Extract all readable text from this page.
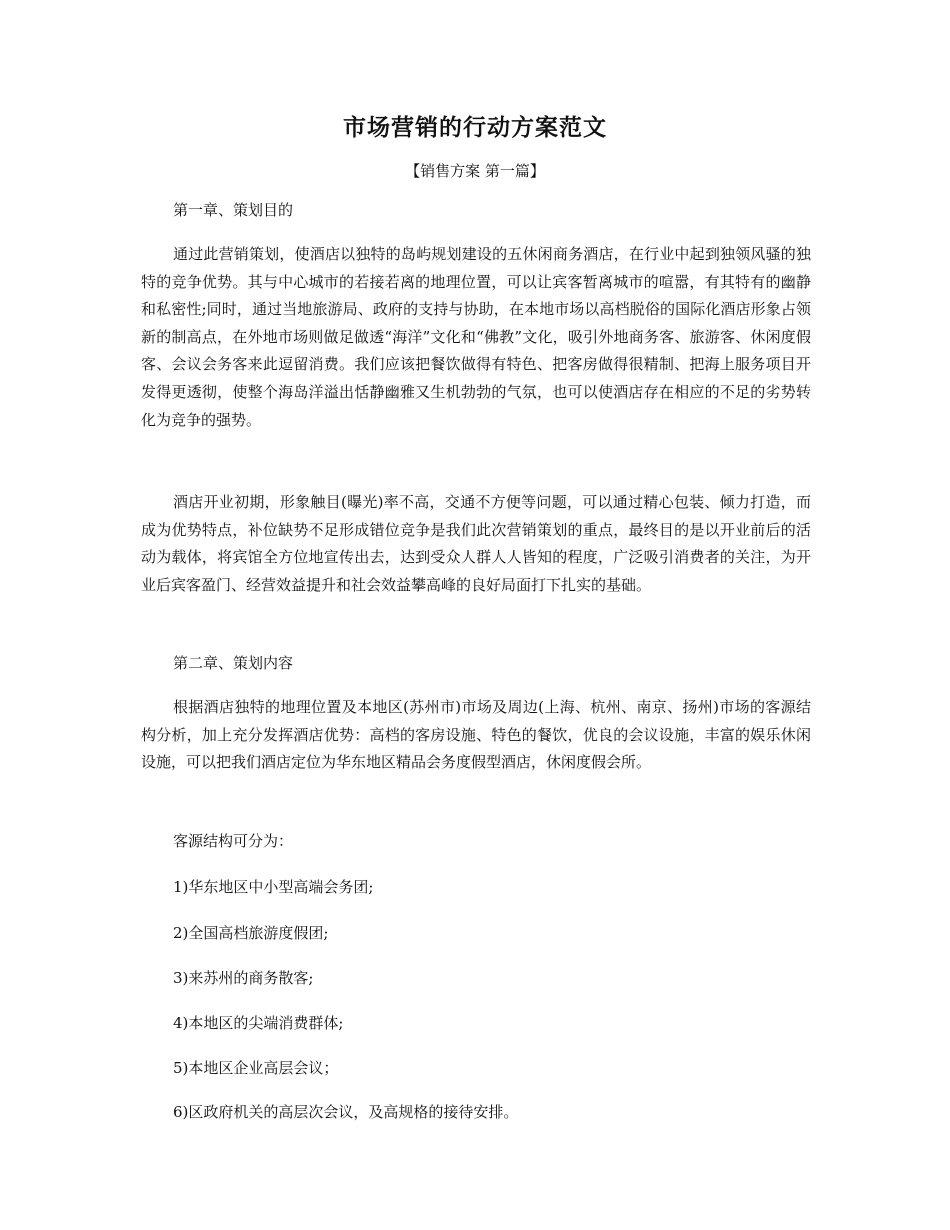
市场营销的行动方案范文
【销售方案 第一篇】
第一章、策划目的
通过此营销策划，使酒店以独特的岛屿规划建设的五休闲商务酒店，在行业中起到独领风骚的独特的竞争优势。其与中心城市的若接若离的地理位置，可以让宾客暂离城市的喧嚣，有其特有的幽静和私密性;同时，通过当地旅游局、政府的支持与协助，在本地市场以高档脱俗的国际化酒店形象占领新的制高点，在外地市场则做足做透“海洋”文化和“佛教”文化，吸引外地商务客、旅游客、休闲度假客、会议会务客来此逗留消费。我们应该把餐饮做得有特色、把客房做得很精制、把海上服务项目开发得更透彻，使整个海岛洋溢出恬静幽雅又生机勃勃的气氛，也可以使酒店存在相应的不足的劣势转化为竞争的强势。
酒店开业初期，形象触目(曝光)率不高，交通不方便等问题，可以通过精心包装、倾力打造，而成为优势特点，补位缺势不足形成错位竞争是我们此次营销策划的重点，最终目的是以开业前后的活动为载体，将宾馆全方位地宣传出去，达到受众人群人人皆知的程度，广泛吸引消费者的关注，为开业后宾客盈门、经营效益提升和社会效益攀高峰的良好局面打下扎实的基础。
第二章、策划内容
根据酒店独特的地理位置及本地区(苏州市)市场及周边(上海、杭州、南京、扬州)市场的客源结构分析，加上充分发挥酒店优势：高档的客房设施、特色的餐饮，优良的会议设施，丰富的娱乐休闲设施，可以把我们酒店定位为华东地区精品会务度假型酒店，休闲度假会所。
客源结构可分为：
1)华东地区中小型高端会务团;
2)全国高档旅游度假团;
3)来苏州的商务散客;
4)本地区的尖端消费群体;
5)本地区企业高层会议；
6)区政府机关的高层次会议，及高规格的接待安排。
